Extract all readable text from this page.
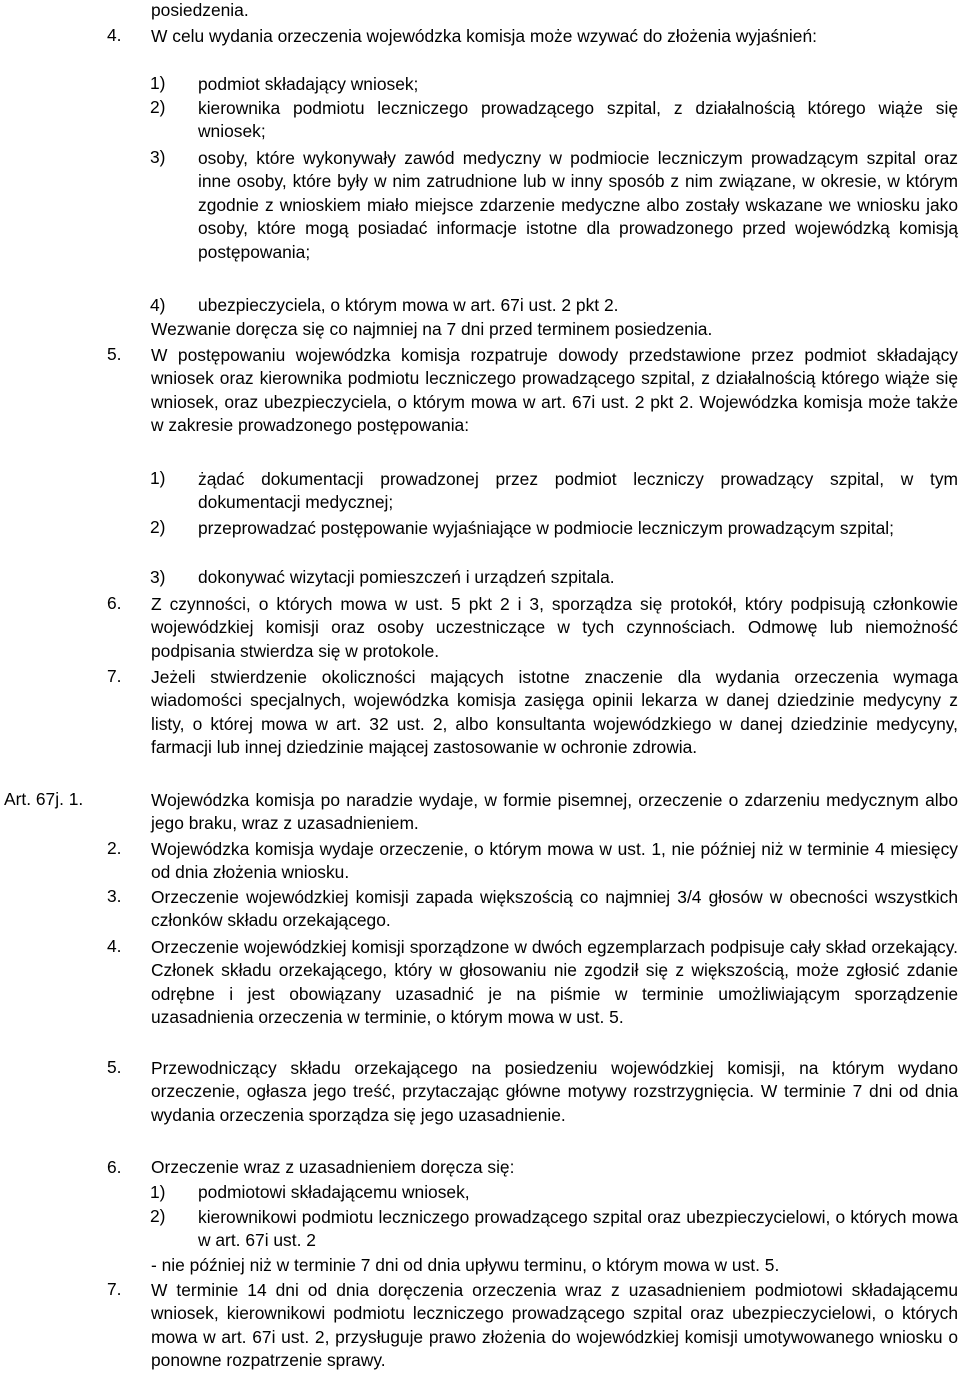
posiedzenia.
4. W celu wydania orzeczenia wojewódzka komisja może wzywać do złożenia wyjaśnień:
1) podmiot składający wniosek;
2) kierownika podmiotu leczniczego prowadzącego szpital, z działalnością którego wiąże się wniosek;
3) osoby, które wykonywały zawód medyczny w podmiocie leczniczym prowadzącym szpital oraz inne osoby, które były w nim zatrudnione lub w inny sposób z nim związane, w okresie, w którym zgodnie z wnioskiem miało miejsce zdarzenie medyczne albo zostały wskazane we wniosku jako osoby, które mogą posiadać informacje istotne dla prowadzonego przed wojewódzką komisją postępowania;
4) ubezpieczyciela, o którym mowa w art. 67i ust. 2 pkt 2.
Wezwanie doręcza się co najmniej na 7 dni przed terminem posiedzenia.
5. W postępowaniu wojewódzka komisja rozpatruje dowody przedstawione przez podmiot składający wniosek oraz kierownika podmiotu leczniczego prowadzącego szpital, z działalnością którego wiąże się wniosek, oraz ubezpieczyciela, o którym mowa w art. 67i ust. 2 pkt 2. Wojewódzka komisja może także w zakresie prowadzonego postępowania:
1) żądać dokumentacji prowadzonej przez podmiot leczniczy prowadzący szpital, w tym dokumentacji medycznej;
2) przeprowadzać postępowanie wyjaśniające w podmiocie leczniczym prowadzącym szpital;
3) dokonywać wizytacji pomieszczeń i urządzeń szpitala.
6. Z czynności, o których mowa w ust. 5 pkt 2 i 3, sporządza się protokół, który podpisują członkowie wojewódzkiej komisji oraz osoby uczestniczące w tych czynnościach. Odmowę lub niemożność podpisania stwierdza się w protokole.
7. Jeżeli stwierdzenie okoliczności mających istotne znaczenie dla wydania orzeczenia wymaga wiadomości specjalnych, wojewódzka komisja zasięga opinii lekarza w danej dziedzinie medycyny z listy, o której mowa w art. 32 ust. 2, albo konsultanta wojewódzkiego w danej dziedzinie medycyny, farmacji lub innej dziedzinie mającej zastosowanie w ochronie zdrowia.
Art. 67j. 1.	Wojewódzka komisja po naradzie wydaje, w formie pisemnej, orzeczenie o zdarzeniu medycznym albo jego braku, wraz z uzasadnieniem.
2. Wojewódzka komisja wydaje orzeczenie, o którym mowa w ust. 1, nie później niż w terminie 4 miesięcy od dnia złożenia wniosku.
3. Orzeczenie wojewódzkiej komisji zapada większością co najmniej 3/4 głosów w obecności wszystkich członków składu orzekającego.
4. Orzeczenie wojewódzkiej komisji sporządzone w dwóch egzemplarzach podpisuje cały skład orzekający. Członek składu orzekającego, który w głosowaniu nie zgodził się z większością, może zgłosić zdanie odrębne i jest obowiązany uzasadnić je na piśmie w terminie umożliwiającym sporządzenie uzasadnienia orzeczenia w terminie, o którym mowa w ust. 5.
5. Przewodniczący składu orzekającego na posiedzeniu wojewódzkiej komisji, na którym wydano orzeczenie, ogłasza jego treść, przytaczając główne motywy rozstrzygnięcia. W terminie 7 dni od dnia wydania orzeczenia sporządza się jego uzasadnienie.
6. Orzeczenie wraz z uzasadnieniem doręcza się:
1) podmiotowi składającemu wniosek,
2) kierownikowi podmiotu leczniczego prowadzącego szpital oraz ubezpieczycielowi, o których mowa w art. 67i ust. 2
- nie później niż w terminie 7 dni od dnia upływu terminu, o którym mowa w ust. 5.
7. W terminie 14 dni od dnia doręczenia orzeczenia wraz z uzasadnieniem podmiotowi składającemu wniosek, kierownikowi podmiotu leczniczego prowadzącego szpital oraz ubezpieczycielowi, o których mowa w art. 67i ust. 2, przysługuje prawo złożenia do wojewódzkiej komisji umotywowanego wniosku o ponowne rozpatrzenie sprawy.
